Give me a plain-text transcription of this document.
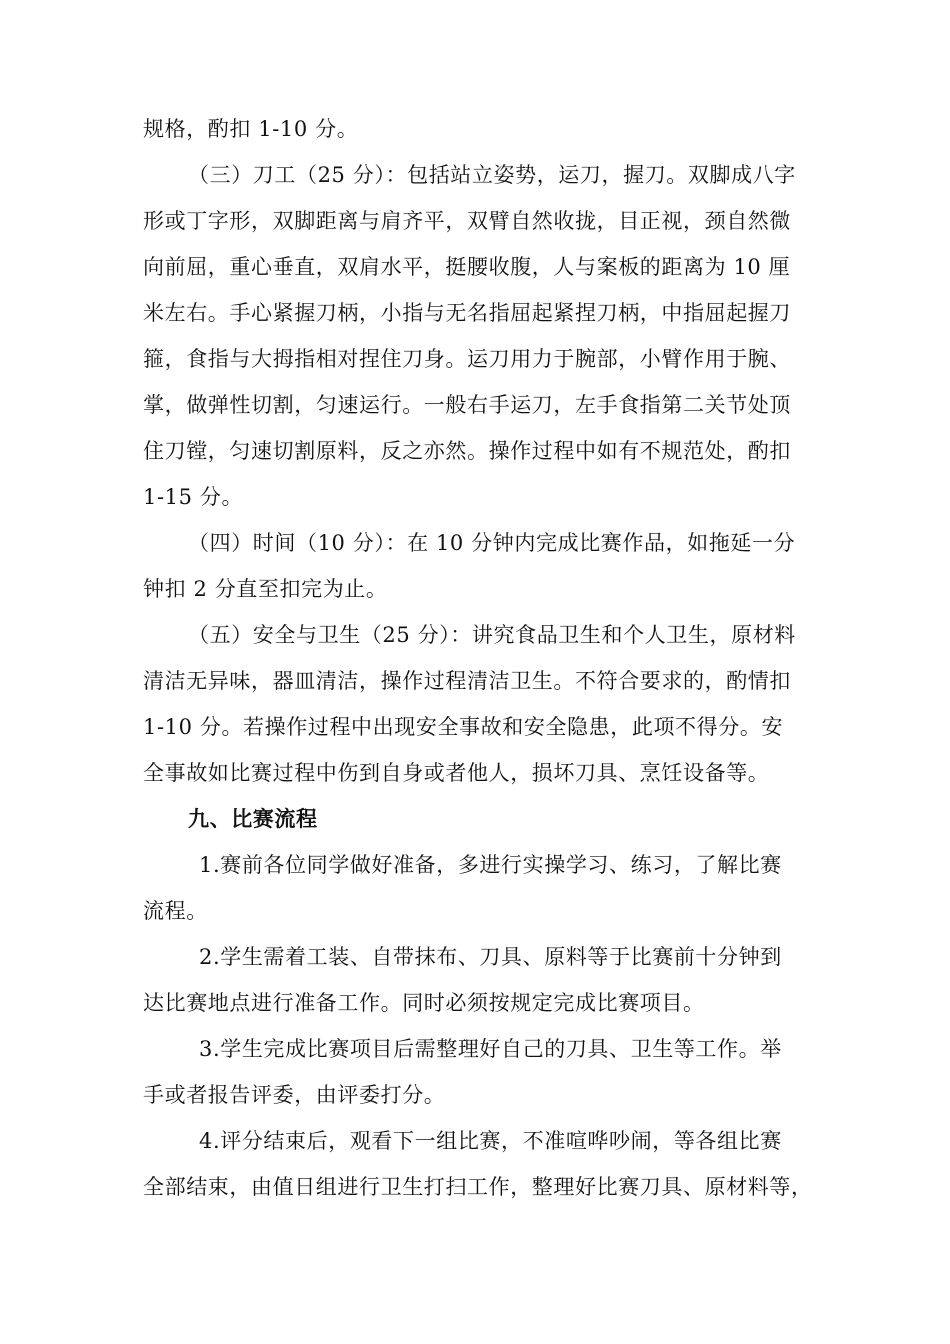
规格，酌扣 1-10 分。
（三）刀工（25 分）：包括站立姿势，运刀，握刀。双脚成八字
形或丁字形，双脚距离与肩齐平，双臂自然收拢，目正视，颈自然微
向前屈，重心垂直，双肩水平，挺腰收腹，人与案板的距离为 10 厘
米左右。手心紧握刀柄，小指与无名指屈起紧捏刀柄，中指屈起握刀
箍，食指与大拇指相对捏住刀身。运刀用力于腕部，小臂作用于腕、
掌，做弹性切割，匀速运行。一般右手运刀，左手食指第二关节处顶
住刀镗，匀速切割原料，反之亦然。操作过程中如有不规范处，酌扣
1-15 分。
（四）时间（10 分）：在 10 分钟内完成比赛作品，如拖延一分
钟扣 2 分直至扣完为止。
（五）安全与卫生（25 分）：讲究食品卫生和个人卫生，原材料
清洁无异味，器皿清洁，操作过程清洁卫生。不符合要求的，酌情扣
1-10 分。若操作过程中出现安全事故和安全隐患，此项不得分。安
全事故如比赛过程中伤到自身或者他人，损坏刀具、烹饪设备等。
九、比赛流程
1.赛前各位同学做好准备，多进行实操学习、练习，了解比赛
流程。
2.学生需着工装、自带抹布、刀具、原料等于比赛前十分钟到
达比赛地点进行准备工作。同时必须按规定完成比赛项目。
3.学生完成比赛项目后需整理好自己的刀具、卫生等工作。举
手或者报告评委，由评委打分。
4.评分结束后，观看下一组比赛，不准喧哗吵闹，等各组比赛
全部结束，由值日组进行卫生打扫工作，整理好比赛刀具、原材料等，
